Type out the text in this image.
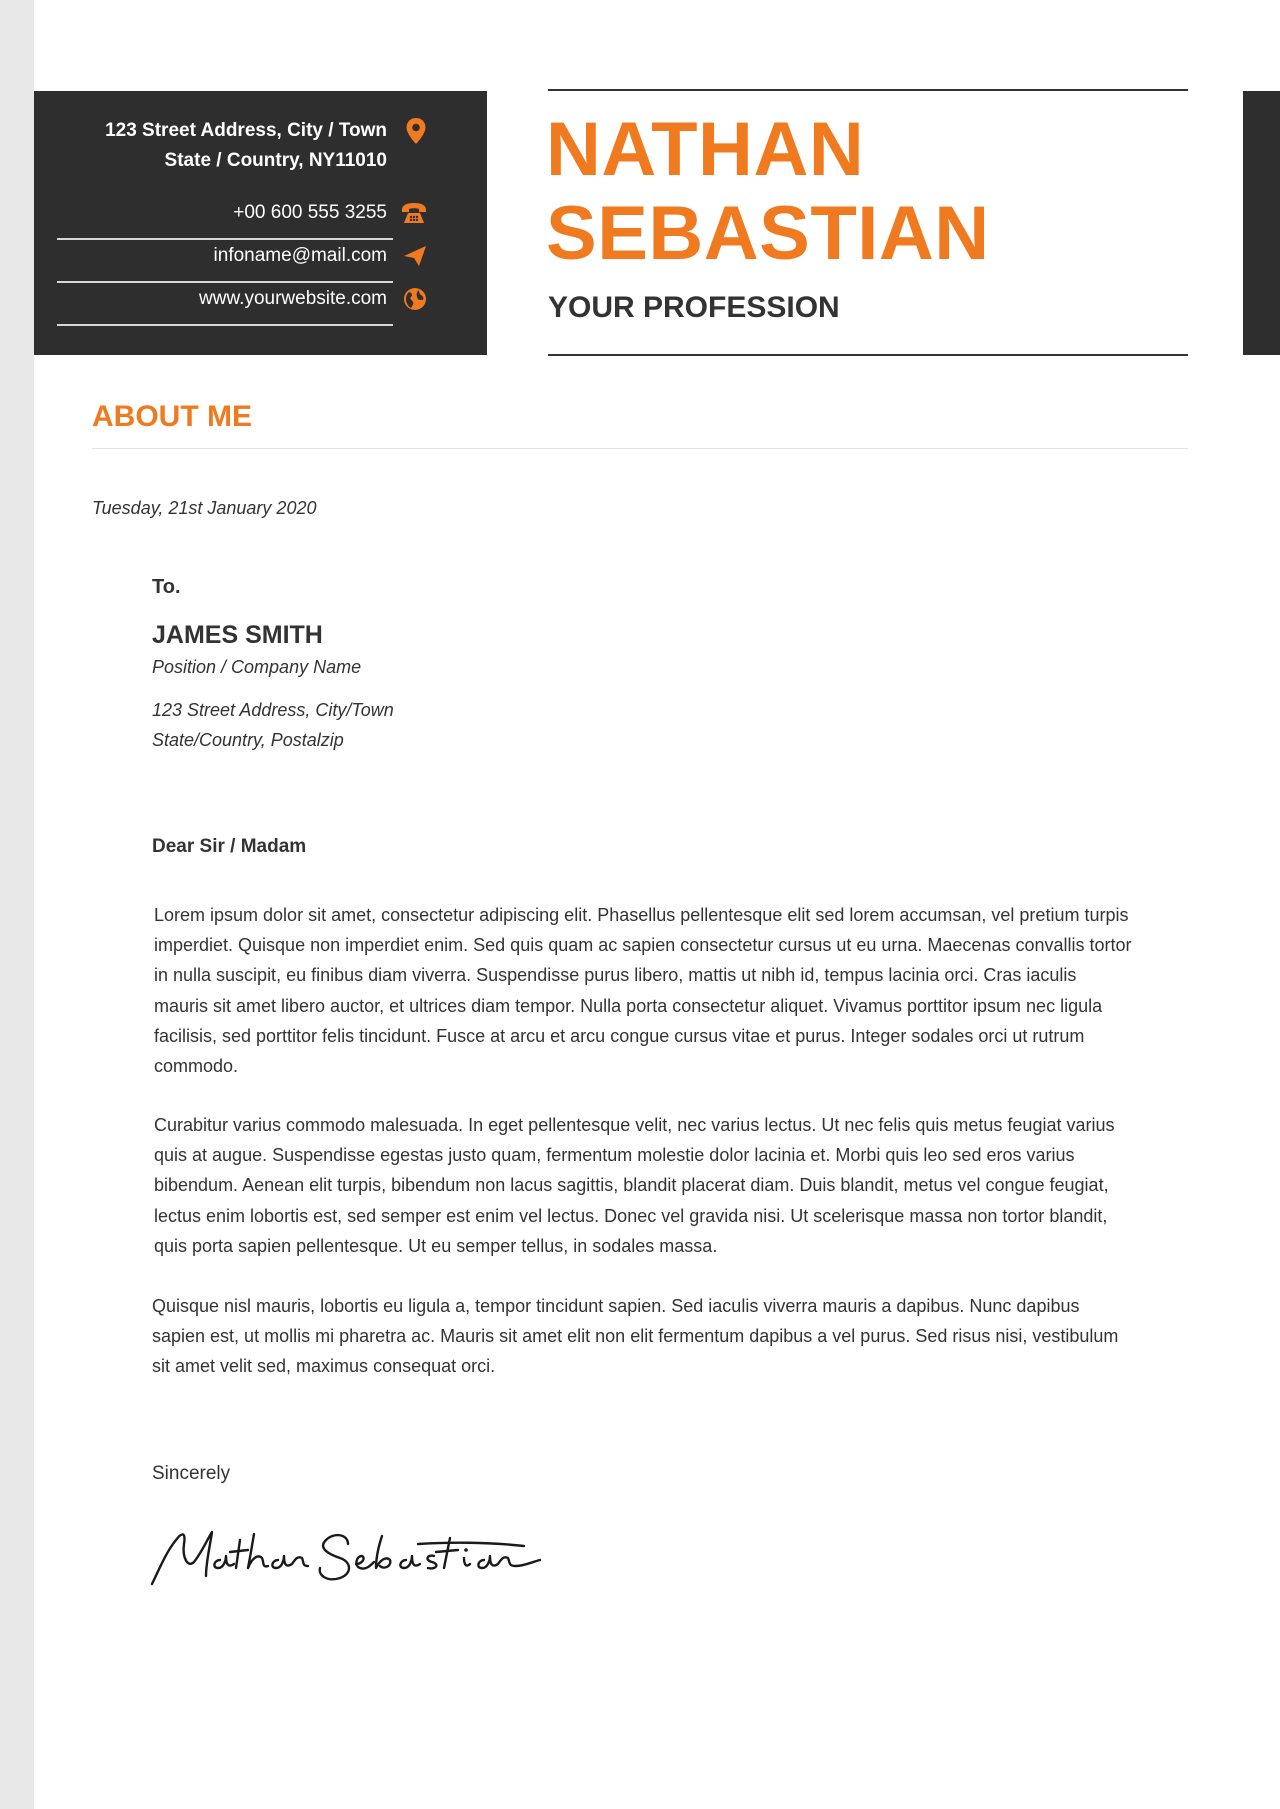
123 Street Address, City / Town
State / Country, NY11010
+00 600 555 3255
infoname@mail.com
www.yourwebsite.com
NATHAN
SEBASTIAN
YOUR PROFESSION
ABOUT ME
Tuesday, 21st January 2020
To.
JAMES SMITH
Position / Company Name
123 Street Address, City/Town
State/Country, Postalzip
Dear Sir / Madam

Lorem ipsum dolor sit amet, consectetur adipiscing elit. Phasellus pellentesque elit sed lorem accumsan, vel pretium turpis imperdiet. Quisque non imperdiet enim. Sed quis quam ac sapien consectetur cursus ut eu urna. Maecenas convallis tortor in nulla suscipit, eu finibus diam viverra. Suspendisse purus libero, mattis ut nibh id, tempus lacinia orci. Cras iaculis mauris sit amet libero auctor, et ultrices diam tempor. Nulla porta consectetur aliquet. Vivamus porttitor ipsum nec ligula facilisis, sed porttitor felis tincidunt. Fusce at arcu et arcu congue cursus vitae et purus. Integer sodales orci ut rutrum commodo.

Curabitur varius commodo malesuada. In eget pellentesque velit, nec varius lectus. Ut nec felis quis metus feugiat varius quis at augue. Suspendisse egestas justo quam, fermentum molestie dolor lacinia et. Morbi quis leo sed eros varius bibendum. Aenean elit turpis, bibendum non lacus sagittis, blandit placerat diam. Duis blandit, metus vel congue feugiat, lectus enim lobortis est, sed semper est enim vel lectus. Donec vel gravida nisi. Ut scelerisque massa non tortor blandit, quis porta sapien pellentesque. Ut eu semper tellus, in sodales massa.

Quisque nisl mauris, lobortis eu ligula a, tempor tincidunt sapien. Sed iaculis viverra mauris a dapibus. Nunc dapibus sapien est, ut mollis mi pharetra ac. Mauris sit amet elit non elit fermentum dapibus a vel purus. Sed risus nisi, vestibulum sit amet velit sed, maximus consequat orci.

Sincerely
